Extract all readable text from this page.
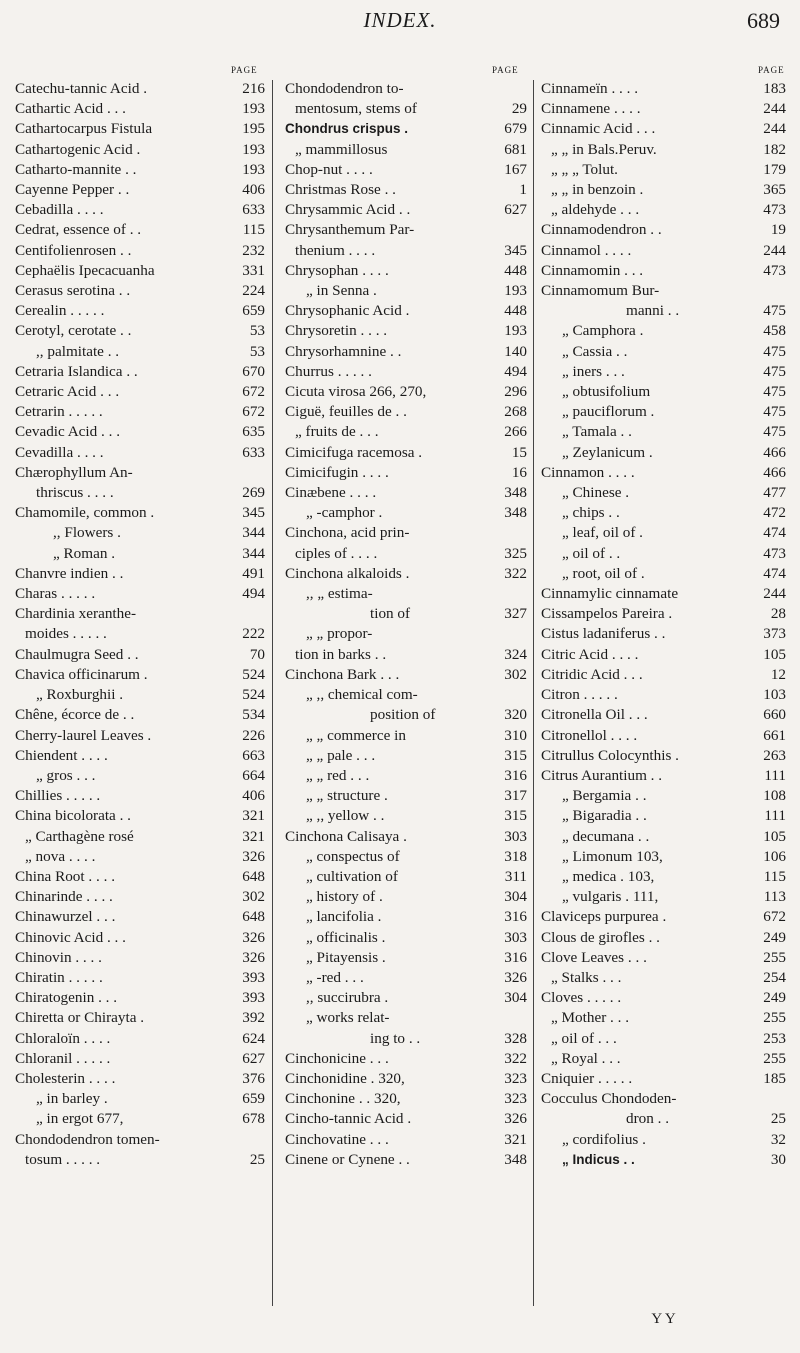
INDEX.	689
PAGE	PAGE	PAGE
Catechu-tannic Acid .	216
Cathartic Acid . . .	193
Cathartocarpus Fistula	195
Cathartogenic Acid .	193
Catharto-mannite . .	193
Cayenne Pepper . .	406
Cebadilla . . . .	633
Cedrat, essence of . .	115
Centifolienrosen . .	232
Cephaëlis Ipecacuanha	331
Cerasus serotina . .	224
Cerealin . . . . .	659
Cerotyl, cerotate . .	53
,, palmitate . .	53
Cetraria Islandica . .	670
Cetraric Acid . . .	672
Cetrarin . . . . .	672
Cevadic Acid . . .	635
Cevadilla . . . .	633
Chærophyllum An-
thriscus . . . .	269
Chamomile, common .	345
,, Flowers .	344
„ Roman .	344
Chanvre indien . .	491
Charas . . . . .	494
Chardinia xeranthe-
moides . . . . .	222
Chaulmugra Seed . .	70
Chavica officinarum .	524
„ Roxburghii .	524
Chêne, écorce de . .	534
Cherry-laurel Leaves .	226
Chiendent . . . .	663
„ gros . . .	664
Chillies . . . . .	406
China bicolorata . .	321
„ Carthagène rosé	321
„ nova . . . .	326
China Root . . . .	648
Chinarinde . . . .	302
Chinawurzel . . .	648
Chinovic Acid . . .	326
Chinovin . . . .	326
Chiratin . . . . .	393
Chiratogenin . . .	393
Chiretta or Chirayta .	392
Chloraloïn . . . .	624
Chloranil . . . . .	627
Cholesterin . . . .	376
„ in barley .	659
„ in ergot 677,	678
Chondodendron tomen-
tosum . . . . .	25
Chondodendron to-
mentosum, stems of	29
Chondrus crispus .	679
„ mammillosus	681
Chop-nut . . . .	167
Christmas Rose . .	1
Chrysammic Acid . .	627
Chrysanthemum Par-
thenium . . . .	345
Chrysophan . . . .	448
„ in Senna .	193
Chrysophanic Acid .	448
Chrysoretin . . . .	193
Chrysorhamnine . .	140
Churrus . . . . .	494
Cicuta virosa 266, 270,	296
Ciguë, feuilles de . .	268
„ fruits de . . .	266
Cimicifuga racemosa .	15
Cimicifugin . . . .	16
Cinæbene . . . .	348
„ -camphor .	348
Cinchona, acid prin-
ciples of . . . .	325
Cinchona alkaloids .	322
,, „ estima-
tion of	327
„ „ propor-
tion in barks . .	324
Cinchona Bark . . .	302
„ ,, chemical com-
position of	320
„ „ commerce in	310
„ „ pale . . .	315
„ „ red . . .	316
„ „ structure .	317
„ ,, yellow . .	315
Cinchona Calisaya .	303
„ conspectus of	318
„ cultivation of	311
„ history of .	304
„ lancifolia .	316
„ officinalis .	303
„ Pitayensis .	316
„ -red . . .	326
,, succirubra .	304
„ works relat-
ing to . .	328
Cinchonicine . . .	322
Cinchonidine . 320,	323
Cinchonine . . 320,	323
Cincho-tannic Acid .	326
Cinchovatine . . .	321
Cinene or Cynene . .	348
Cinnameïn . . . .	183
Cinnamene . . . .	244
Cinnamic Acid . . .	244
„ „ in Bals.Peruv.	182
„ „ „ Tolut.	179
„ „ in benzoin .	365
„ aldehyde . . .	473
Cinnamodendron . .	19
Cinnamol . . . .	244
Cinnamomin . . .	473
Cinnamomum Bur-
manni . .	475
„ Camphora .	458
„ Cassia . .	475
„ iners . . .	475
„ obtusifolium	475
„ pauciflorum .	475
„ Tamala . .	475
„ Zeylanicum .	466
Cinnamon . . . .	466
„ Chinese .	477
„ chips . .	472
„ leaf, oil of .	474
„ oil of . .	473
„ root, oil of .	474
Cinnamylic cinnamate	244
Cissampelos Pareira .	28
Cistus ladaniferus . .	373
Citric Acid . . . .	105
Citridic Acid . . .	12
Citron . . . . .	103
Citronella Oil . . .	660
Citronellol . . . .	661
Citrullus Colocynthis .	263
Citrus Aurantium . .	111
„ Bergamia . .	108
„ Bigaradia . .	111
„ decumana . .	105
„ Limonum 103,	106
„ medica . 103,	115
„ vulgaris . 111,	113
Claviceps purpurea .	672
Clous de girofles . .	249
Clove Leaves . . .	255
„ Stalks . . .	254
Cloves . . . . .	249
„ Mother . . .	255
„ oil of . . .	253
„ Royal . . .	255
Cniquier . . . . .	185
Cocculus Chondoden-
dron . .	25
„ cordifolius .	32
„ Indicus . .	30
Y Y
